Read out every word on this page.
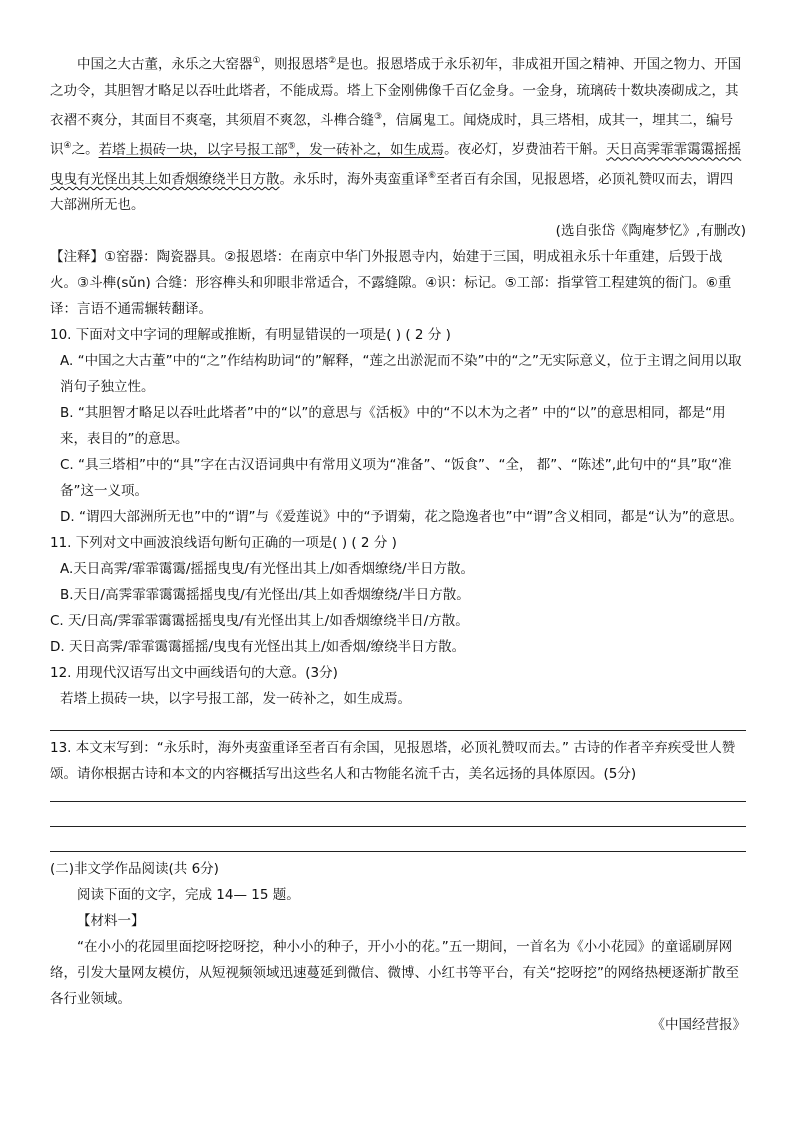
中国之大古董，永乐之大窑器①，则报恩塔②是也。报恩塔成于永乐初年，非成祖开国之精神、开国之物力、开国之功令，其胆智才略足以吞吐此塔者，不能成焉。塔上下金刚佛像千百亿金身。一金身，琉璃砖十数块凑砌成之，其衣褶不爽分，其面目不爽毫，其须眉不爽忽，斗榫合缝③，信属鬼工。闻烧成时，具三塔相，成其一，埋其二，编号识④之。若塔上损砖一块，以字号报工部⑤，发一砖补之，如生成焉。夜必灯，岁费油若干斛。天日高霁霏霏霭霭摇摇曳曳有光怪出其上如香烟缭绕半日方散。永乐时，海外夷蛮重译⑥至者百有余国，见报恩塔，必顶礼赞叹而去，谓四大部洲所无也。

(选自张岱《陶庵梦忆》,有删改)

【注释】①窑器：陶瓷器具。②报恩塔：在南京中华门外报恩寺内，始建于三国，明成祖永乐十年重建，后毁于战火。③斗榫(sǔn) 合缝：形容榫头和卯眼非常适合，不露缝隙。④识：标记。⑤工部：指掌管工程建筑的衙门。⑥重译：言语不通需辗转翻译。

10. 下面对文中字词的理解或推断，有明显错误的一项是( ) ( 2 分 )

A. “中国之大古董”中的“之”作结构助词“的”解释，“莲之出淤泥而不染”中的“之”无实际意义，位于主谓之间用以取消句子独立性。

B. “其胆智才略足以吞吐此塔者”中的“以”的意思与《活板》中的“不以木为之者” 中的“以”的意思相同，都是“用来，表目的”的意思。

C. “具三塔相”中的“具”字在古汉语词典中有常用义项为“准备”、“饭食”、“全， 都”、“陈述”,此句中的“具”取“准备”这一义项。

D. “谓四大部洲所无也”中的“谓”与《爱莲说》中的“予谓菊，花之隐逸者也”中“谓”含义相同，都是“认为”的意思。

11. 下列对文中画波浪线语句断句正确的一项是( ) ( 2 分 )

A.天日高霁/霏霏霭霭/摇摇曳曳/有光怪出其上/如香烟缭绕/半日方散。

B.天日/高霁霏霏霭霭摇摇曳曳/有光怪出/其上如香烟缭绕/半日方散。

C. 天/日高/霁霏霏霭霭摇摇曳曳/有光怪出其上/如香烟缭绕半日/方散。

D. 天日高霁/霏霏霭霭摇摇/曳曳有光怪出其上/如香烟/缭绕半日方散。

12. 用现代汉语写出文中画线语句的大意。(3分)

若塔上损砖一块，以字号报工部，发一砖补之，如生成焉。

13. 本文末写到：“永乐时，海外夷蛮重译至者百有余国，见报恩塔，必顶礼赞叹而去。” 古诗的作者辛弃疾受世人赞颂。请你根据古诗和本文的内容概括写出这些名人和古物能名流千古，美名远扬的具体原因。(5分)

(二)非文学作品阅读(共 6分)

阅读下面的文字，完成 14— 15 题。

【材料一】

“在小小的花园里面挖呀挖呀挖，种小小的种子，开小小的花。”五一期间，一首名为《小小花园》的童谣刷屏网络，引发大量网友模仿，从短视频领域迅速蔓延到微信、微博、小红书等平台，有关“挖呀挖”的网络热梗逐渐扩散至各行业领域。

《中国经营报》
